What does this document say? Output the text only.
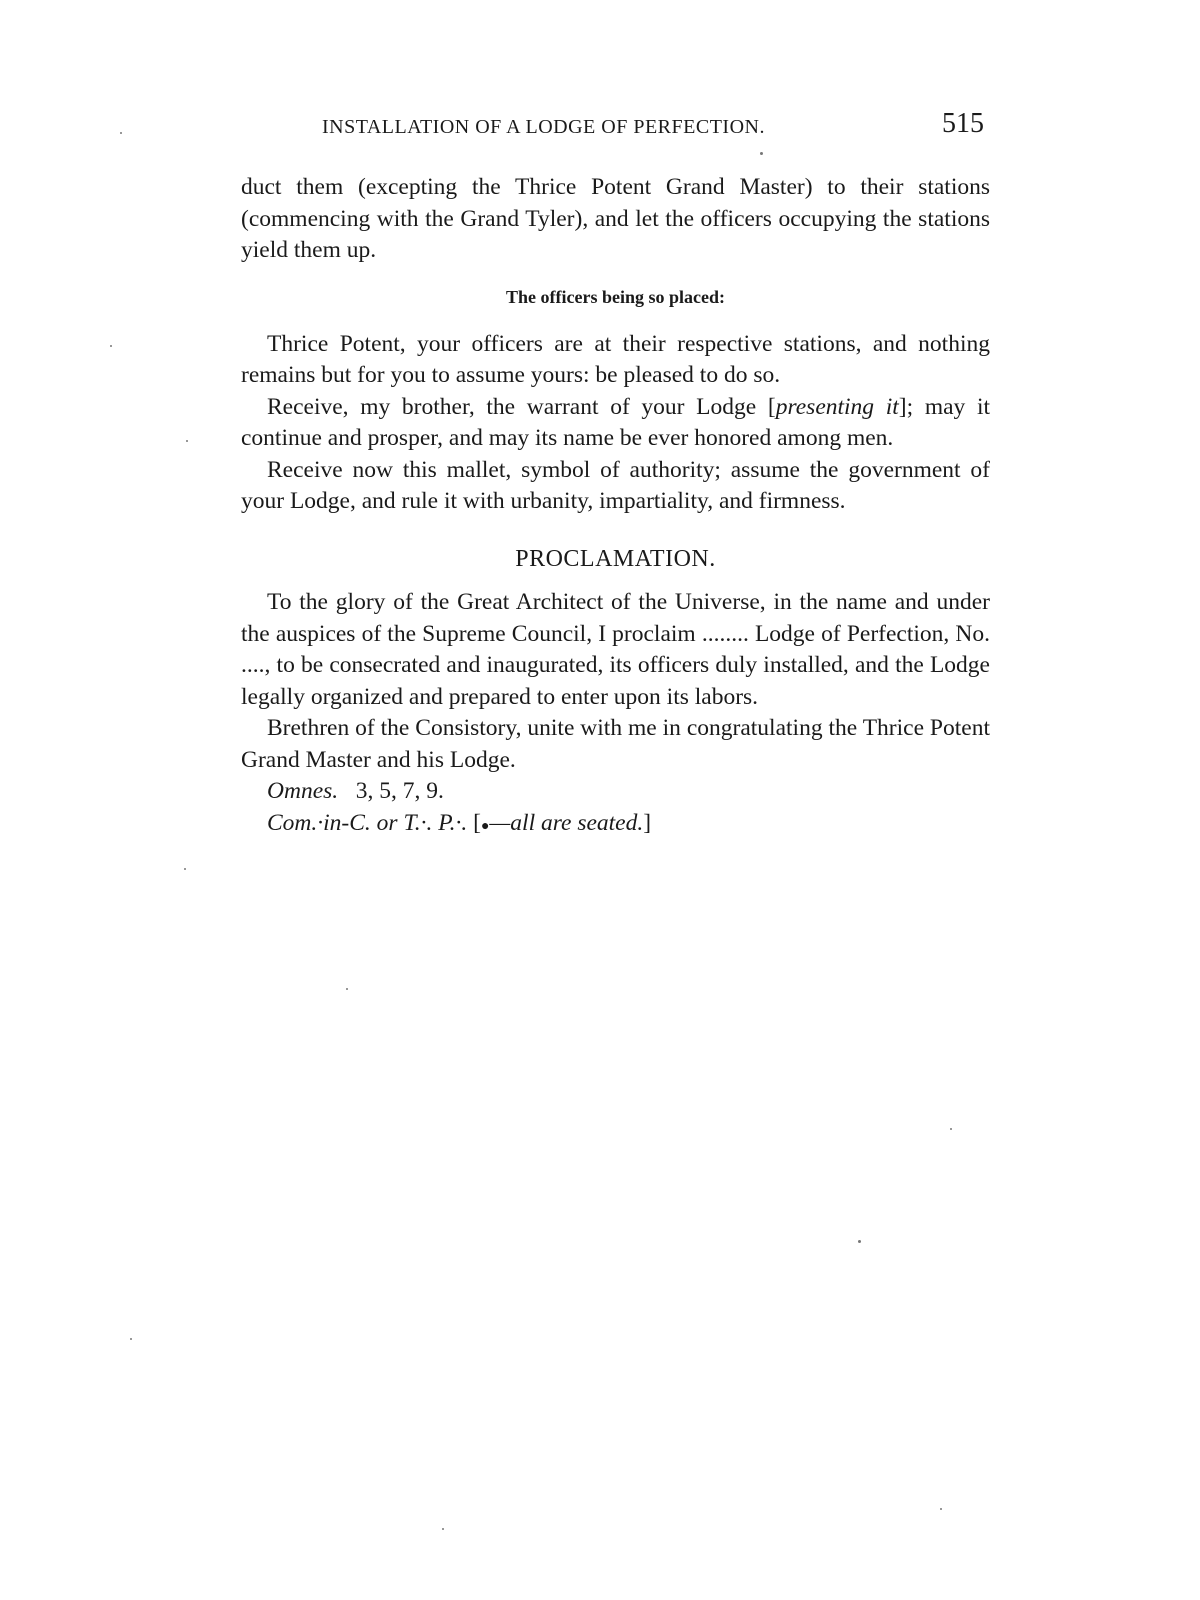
INSTALLATION OF A LODGE OF PERFECTION.	515

duct them (excepting the Thrice Potent Grand Master) to their stations (commencing with the Grand Tyler), and let the officers occupying the stations yield them up.

The officers being so placed:

Thrice Potent, your officers are at their respective stations, and nothing remains but for you to assume yours: be pleased to do so.

Receive, my brother, the warrant of your Lodge [presenting it]; may it continue and prosper, and may its name be ever honored among men.

Receive now this mallet, symbol of authority; assume the government of your Lodge, and rule it with urbanity, impartiality, and firmness.

PROCLAMATION.

To the glory of the Great Architect of the Universe, in the name and under the auspices of the Supreme Council, I proclaim ........ Lodge of Perfection, No. ...., to be consecrated and inaugurated, its officers duly installed, and the Lodge legally organized and prepared to enter upon its labors.

Brethren of the Consistory, unite with me in congratulating the Thrice Potent Grand Master and his Lodge.

Omnes. 3, 5, 7, 9.

Com.·in-C. or T.·. P.·. [●—all are seated.]
